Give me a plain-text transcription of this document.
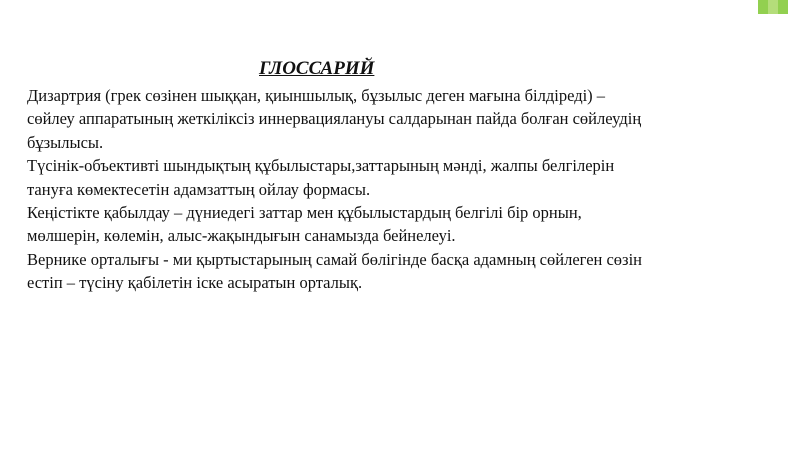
ГЛОССАРИЙ

Дизартрия (грек сөзінен шыққан, қиыншылық, бұзылыс деген мағына білдіреді) – сөйлеу аппаратының жеткіліксіз иннервациялануы салдарынан пайда болған сөйлеудің бұзылысы.

Түсінік-объективті шындықтың құбылыстары,заттарының мәнді, жалпы белгілерін тануға көмектесетін адамзаттың ойлау формасы.

Кеңістікте қабылдау – дүниедегі заттар мен құбылыстардың белгілі бір орнын, мөлшерін, көлемін, алыс-жақындығын санамызда бейнелеуі.

Верникe орталығы - ми қыртыстарының самай бөлігінде басқа адамның сөйлеген сөзін естіп – түсіну қабілетін іске асыратын орталық.
